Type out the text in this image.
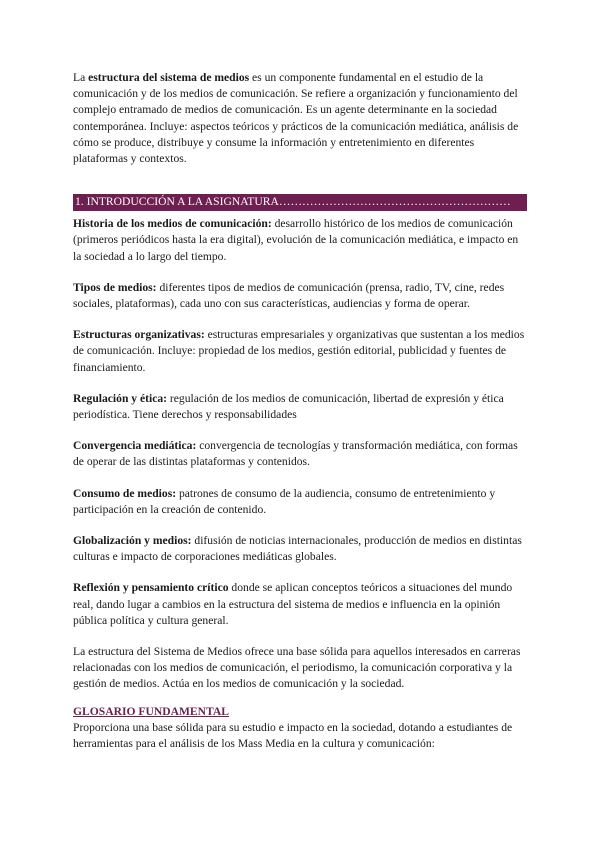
La estructura del sistema de medios es un componente fundamental en el estudio de la comunicación y de los medios de comunicación. Se refiere a organización y funcionamiento del complejo entramado de medios de comunicación. Es un agente determinante en la sociedad contemporánea. Incluye: aspectos teóricos y prácticos de la comunicación mediática, análisis de cómo se produce, distribuye y consume la información y entretenimiento en diferentes plataformas y contextos.

1. INTRODUCCIÓN A LA ASIGNATURA……………………………………………………

Historia de los medios de comunicación: desarrollo histórico de los medios de comunicación (primeros periódicos hasta la era digital), evolución de la comunicación mediática, e impacto en la sociedad a lo largo del tiempo.

Tipos de medios: diferentes tipos de medios de comunicación (prensa, radio, TV, cine, redes sociales, plataformas), cada uno con sus características, audiencias y forma de operar.

Estructuras organizativas: estructuras empresariales y organizativas que sustentan a los medios de comunicación. Incluye: propiedad de los medios, gestión editorial, publicidad y fuentes de financiamiento.

Regulación y ética: regulación de los medios de comunicación, libertad de expresión y ética periodística. Tiene derechos y responsabilidades

Convergencia mediática: convergencia de tecnologías y transformación mediática, con formas de operar de las distintas plataformas y contenidos.

Consumo de medios: patrones de consumo de la audiencia, consumo de entretenimiento y participación en la creación de contenido.

Globalización y medios: difusión de noticias internacionales, producción de medios en distintas culturas e impacto de corporaciones mediáticas globales.

Reflexión y pensamiento crítico donde se aplican conceptos teóricos a situaciones del mundo real, dando lugar a cambios en la estructura del sistema de medios e influencia en la opinión pública política y cultura general.

La estructura del Sistema de Medios ofrece una base sólida para aquellos interesados en carreras relacionadas con los medios de comunicación, el periodismo, la comunicación corporativa y la gestión de medios. Actúa en los medios de comunicación y la sociedad.

GLOSARIO FUNDAMENTAL

Proporciona una base sólida para su estudio e impacto en la sociedad, dotando a estudiantes de herramientas para el análisis de los Mass Media en la cultura y comunicación:
